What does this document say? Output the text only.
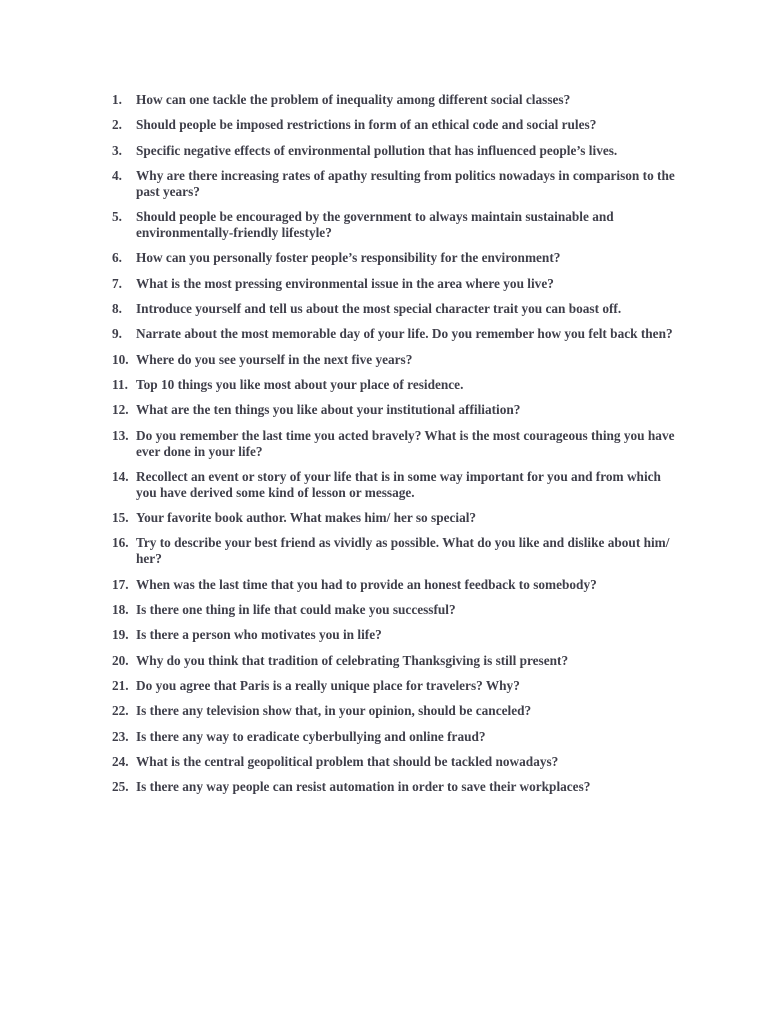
1.	How can one tackle the problem of inequality among different social classes?
2.	Should people be imposed restrictions in form of an ethical code and social rules?
3.	Specific negative effects of environmental pollution that has influenced people’s lives.
4.	Why are there increasing rates of apathy resulting from politics nowadays in comparison to the past years?
5.	Should people be encouraged by the government to always maintain sustainable and environmentally-friendly lifestyle?
6.	How can you personally foster people’s responsibility for the environment?
7.	What is the most pressing environmental issue in the area where you live?
8.	Introduce yourself and tell us about the most special character trait you can boast off.
9.	Narrate about the most memorable day of your life. Do you remember how you felt back then?
10. Where do you see yourself in the next five years?
11. Top 10 things you like most about your place of residence.
12. What are the ten things you like about your institutional affiliation?
13. Do you remember the last time you acted bravely? What is the most courageous thing you have ever done in your life?
14. Recollect an event or story of your life that is in some way important for you and from which you have derived some kind of lesson or message.
15. Your favorite book author. What makes him/ her so special?
16. Try to describe your best friend as vividly as possible. What do you like and dislike about him/ her?
17. When was the last time that you had to provide an honest feedback to somebody?
18. Is there one thing in life that could make you successful?
19. Is there a person who motivates you in life?
20. Why do you think that tradition of celebrating Thanksgiving is still present?
21. Do you agree that Paris is a really unique place for travelers? Why?
22. Is there any television show that, in your opinion, should be canceled?
23. Is there any way to eradicate cyberbullying and online fraud?
24. What is the central geopolitical problem that should be tackled nowadays?
25. Is there any way people can resist automation in order to save their workplaces?
